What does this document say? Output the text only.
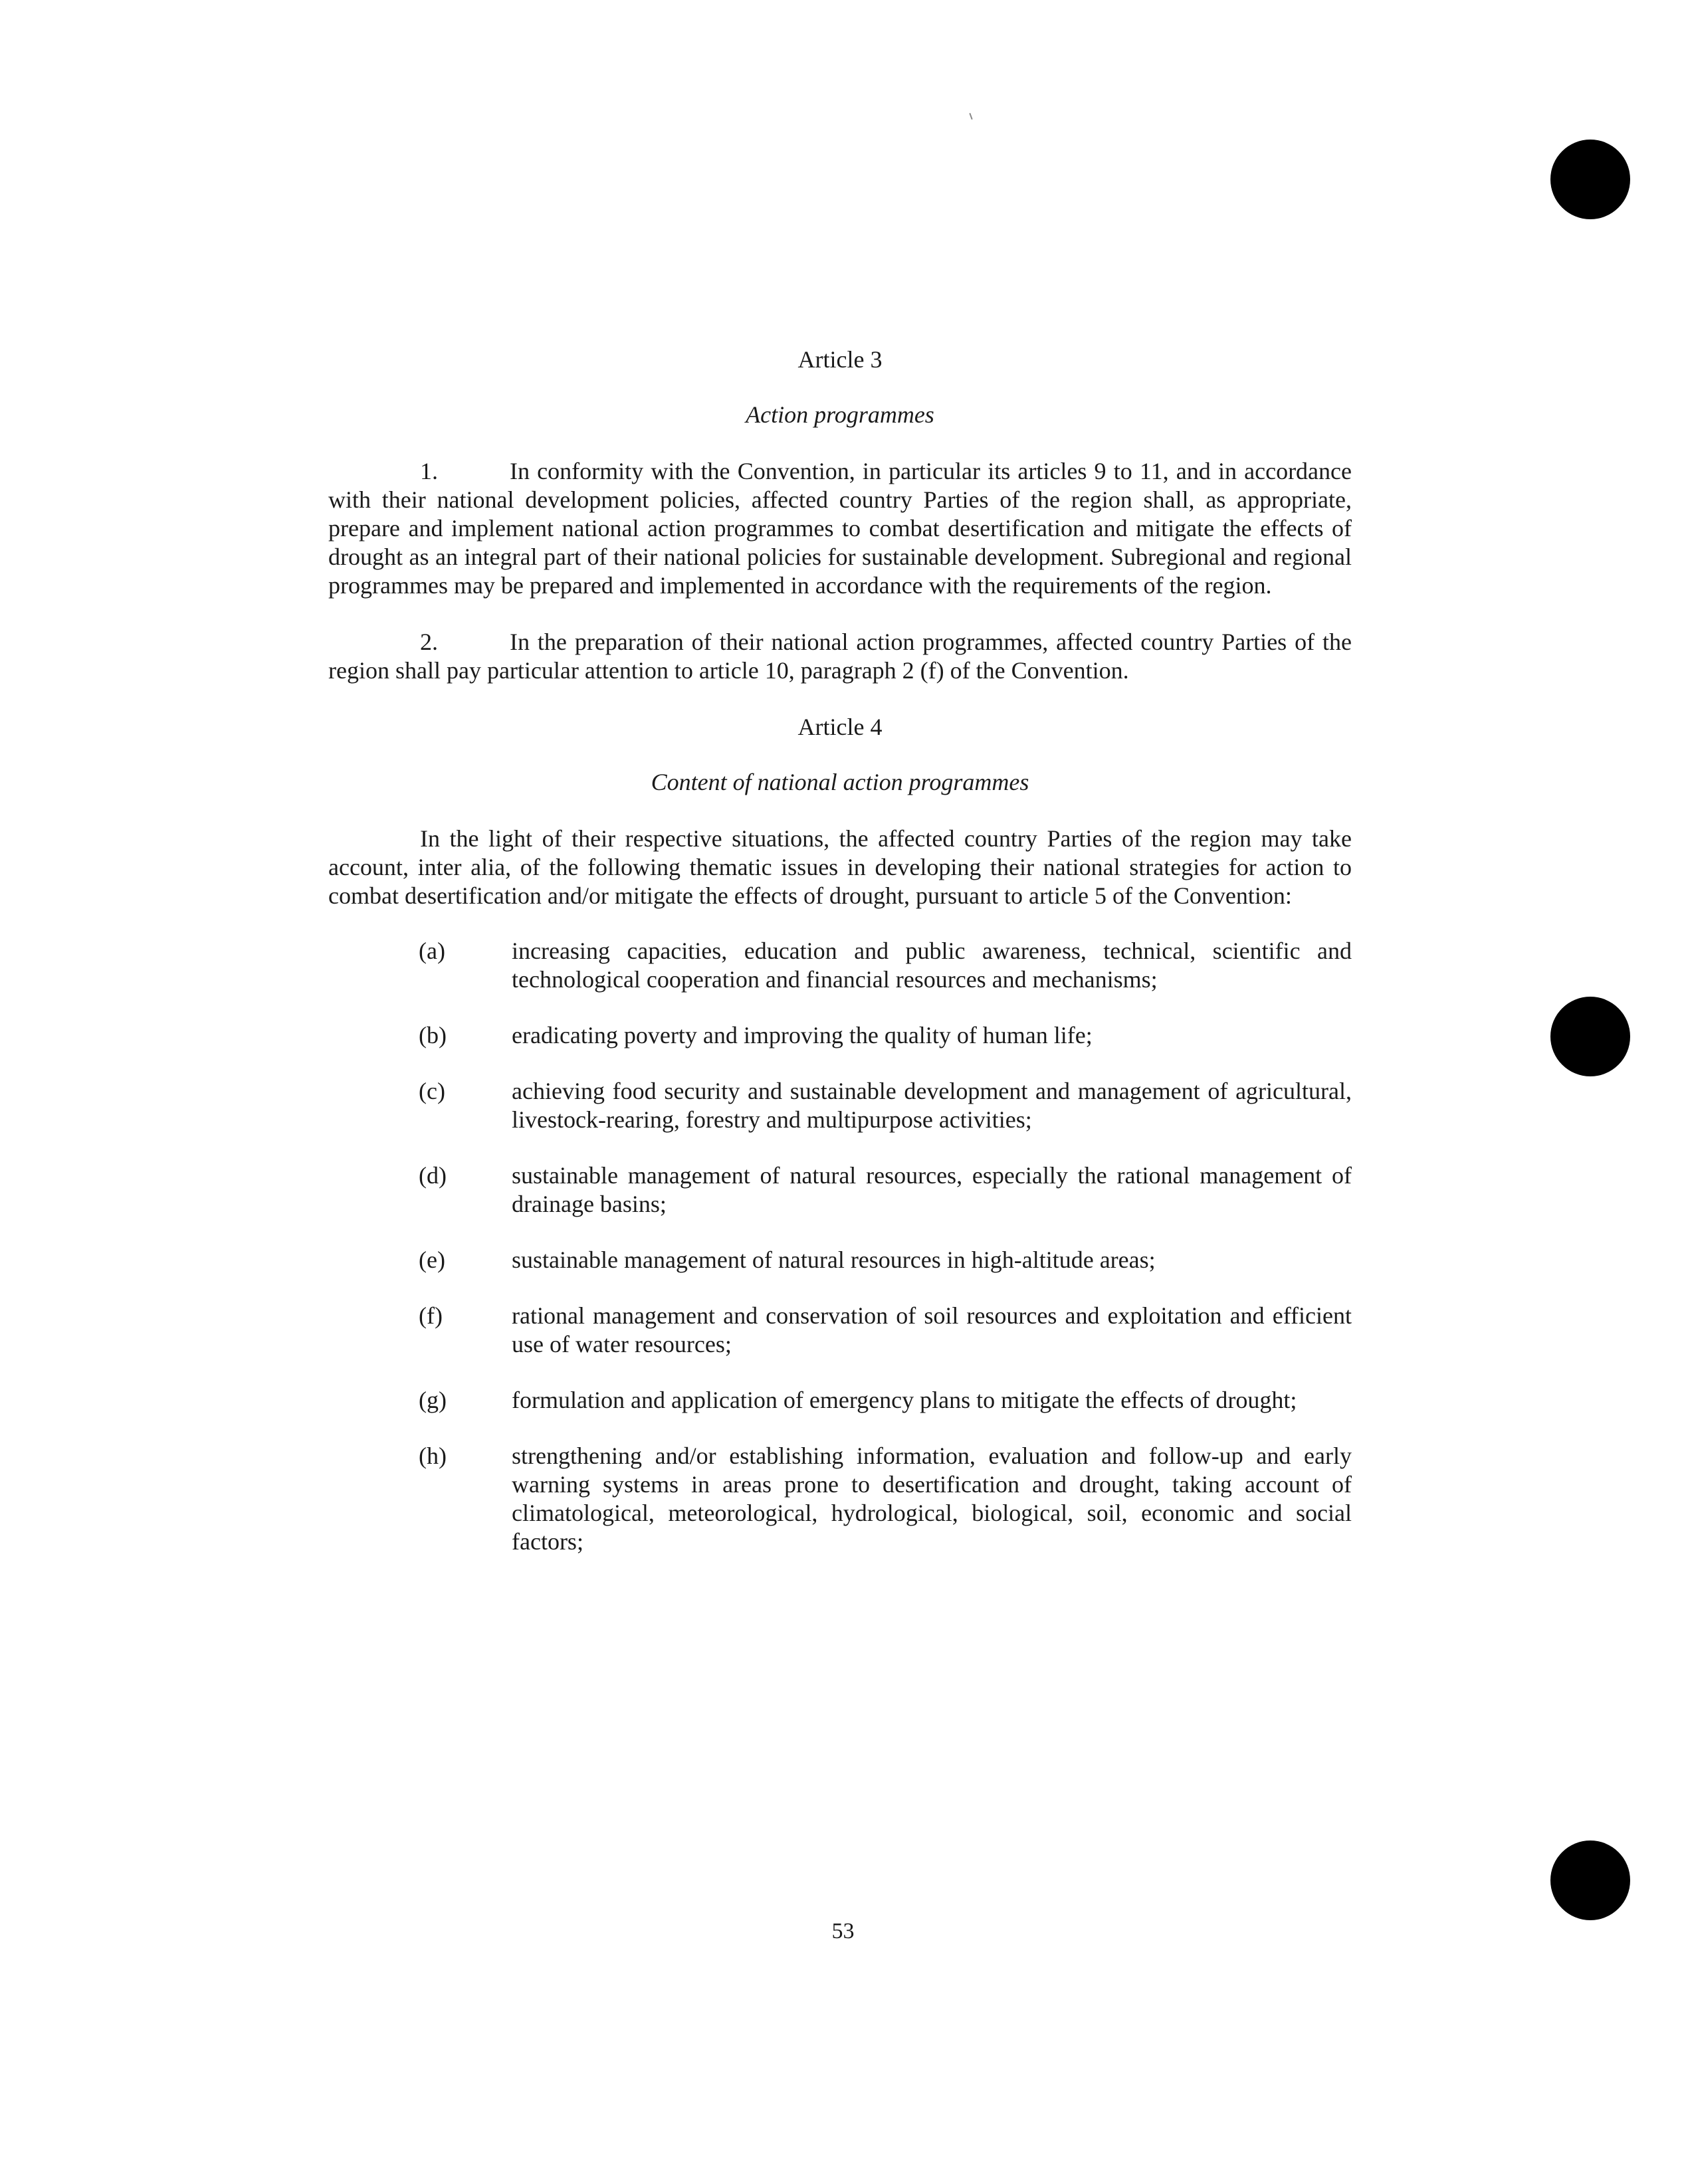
Article 3
Action programmes

1.	In conformity with the Convention, in particular its articles 9 to 11, and in accordance with their national development policies, affected country Parties of the region shall, as appropriate, prepare and implement national action programmes to combat desertification and mitigate the effects of drought as an integral part of their national policies for sustainable development. Subregional and regional programmes may be prepared and implemented in accordance with the requirements of the region.

2.	In the preparation of their national action programmes, affected country Parties of the region shall pay particular attention to article 10, paragraph 2 (f) of the Convention.

Article 4
Content of national action programmes

In the light of their respective situations, the affected country Parties of the region may take account, inter alia, of the following thematic issues in developing their national strategies for action to combat desertification and/or mitigate the effects of drought, pursuant to article 5 of the Convention:

(a)	increasing capacities, education and public awareness, technical, scientific and technological cooperation and financial resources and mechanisms;
(b)	eradicating poverty and improving the quality of human life;
(c)	achieving food security and sustainable development and management of agricultural, livestock-rearing, forestry and multipurpose activities;
(d)	sustainable management of natural resources, especially the rational management of drainage basins;
(e)	sustainable management of natural resources in high-altitude areas;
(f)	rational management and conservation of soil resources and exploitation and efficient use of water resources;
(g)	formulation and application of emergency plans to mitigate the effects of drought;
(h)	strengthening and/or establishing information, evaluation and follow-up and early warning systems in areas prone to desertification and drought, taking account of climatological, meteorological, hydrological, biological, soil, economic and social factors;
53
